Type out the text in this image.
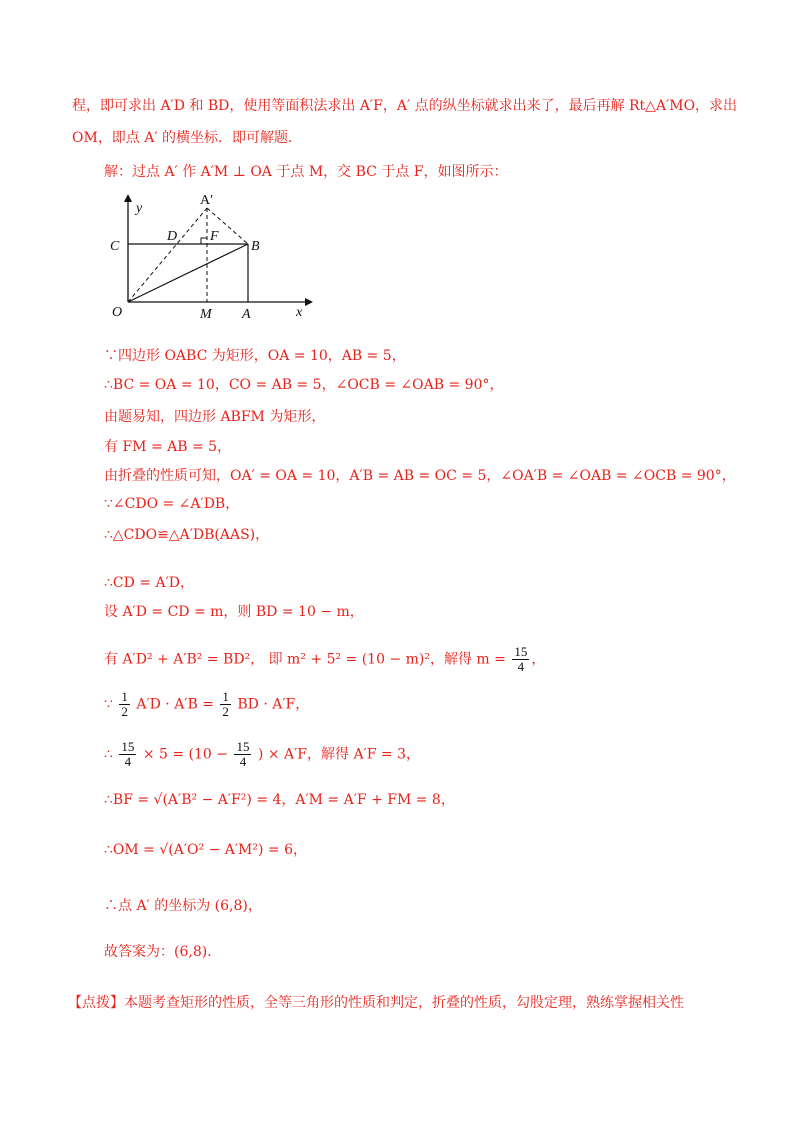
程，即可求出 A′D 和 BD，使用等面积法求出 A′F，A′ 点的纵坐标就求出来了，最后再解 Rt△A′MO，求出
OM，即点 A′ 的横坐标．即可解题．
解：过点 A′ 作 A′M ⊥ OA 于点 M，交 BC 于点 F，如图所示：
A′
y
C
D F
B
O	M A	x
∵四边形 OABC 为矩形，OA = 10，AB = 5，
∴BC = OA = 10，CO = AB = 5，∠OCB = ∠OAB = 90°，
由题易知，四边形 ABFM 为矩形，
有 FM = AB = 5，
由折叠的性质可知，OA′ = OA = 10，A′B = AB = OC = 5，∠OA′B = ∠OAB = ∠OCB = 90°，
∵∠CDO = ∠A′DB，
∴△CDO≌△A′DB(AAS)，
∴CD = A′D，
设 A′D = CD = m，则 BD = 10 − m，
有 A′D² + A′B² = BD²， 即 m² + 5² = (10 − m)²，解得 $m = \frac{15}{4}$ ，
∵ $\frac{1}{2} A'D \cdot A'B = \frac{1}{2}$ BD · A′F，
∴ $\frac{15}{4} \times 5 = (10 - \frac{15}{4}$ ) × A′F，解得 A′F = 3，
∴BF = √(A′B² − A′F²) = 4，A′M = A′F + FM = 8，
∴OM = √(A′O² − A′M²) = 6，
∴点 A′ 的坐标为 (6,8)，
故答案为：(6,8)．
【点拨】本题考查矩形的性质，全等三角形的性质和判定，折叠的性质，勾股定理，熟练掌握相关性
